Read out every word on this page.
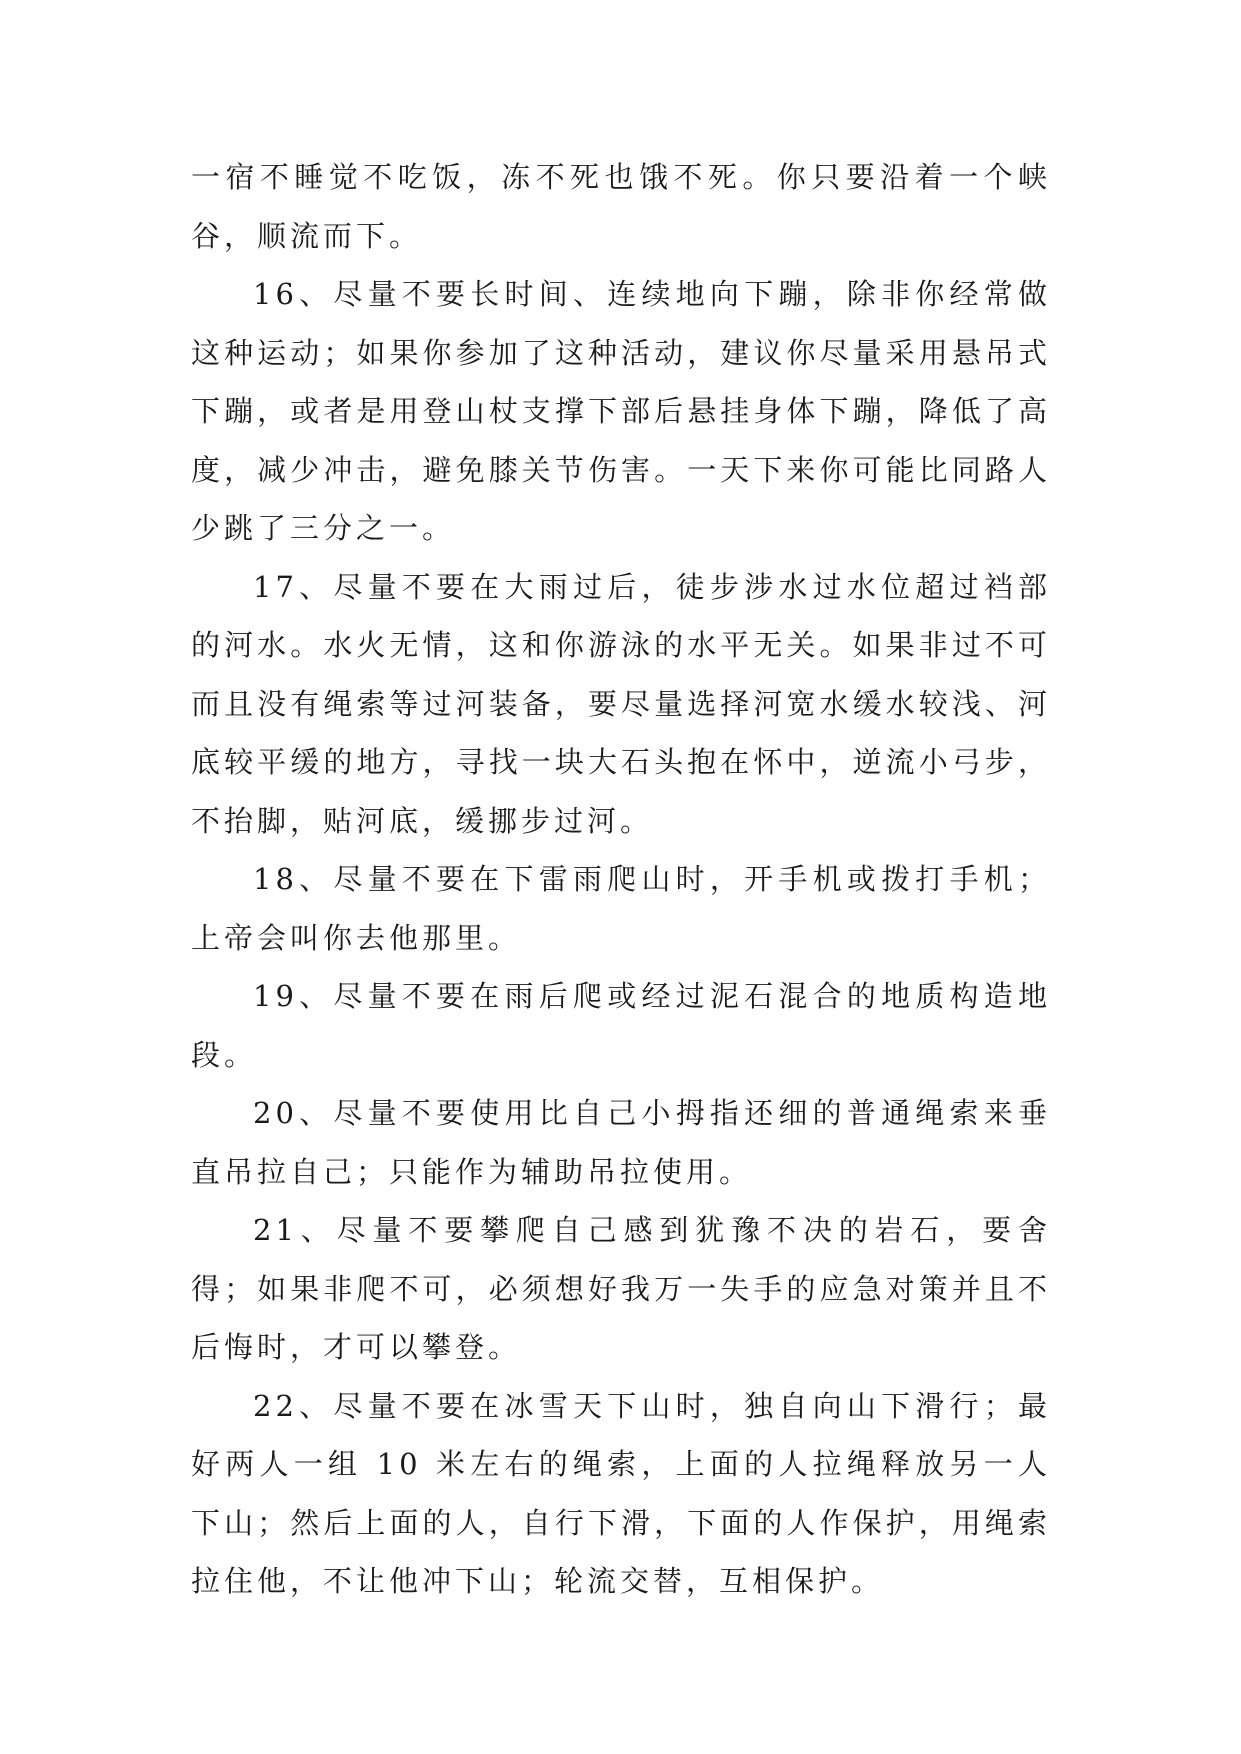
一宿不睡觉不吃饭，冻不死也饿不死。你只要沿着一个峡谷，顺流而下。

16、尽量不要长时间、连续地向下蹦，除非你经常做这种运动；如果你参加了这种活动，建议你尽量采用悬吊式下蹦，或者是用登山杖支撑下部后悬挂身体下蹦，降低了高度，减少冲击，避免膝关节伤害。一天下来你可能比同路人少跳了三分之一。

17、尽量不要在大雨过后，徒步涉水过水位超过裆部的河水。水火无情，这和你游泳的水平无关。如果非过不可而且没有绳索等过河装备，要尽量选择河宽水缓水较浅、河底较平缓的地方，寻找一块大石头抱在怀中，逆流小弓步，不抬脚，贴河底，缓挪步过河。

18、尽量不要在下雷雨爬山时，开手机或拨打手机；上帝会叫你去他那里。

19、尽量不要在雨后爬或经过泥石混合的地质构造地段。

20、尽量不要使用比自己小拇指还细的普通绳索来垂直吊拉自己；只能作为辅助吊拉使用。

21、尽量不要攀爬自己感到犹豫不决的岩石，要舍得；如果非爬不可，必须想好我万一失手的应急对策并且不后悔时，才可以攀登。

22、尽量不要在冰雪天下山时，独自向山下滑行；最好两人一组 10 米左右的绳索，上面的人拉绳释放另一人下山；然后上面的人，自行下滑，下面的人作保护，用绳索拉住他，不让他冲下山；轮流交替，互相保护。
